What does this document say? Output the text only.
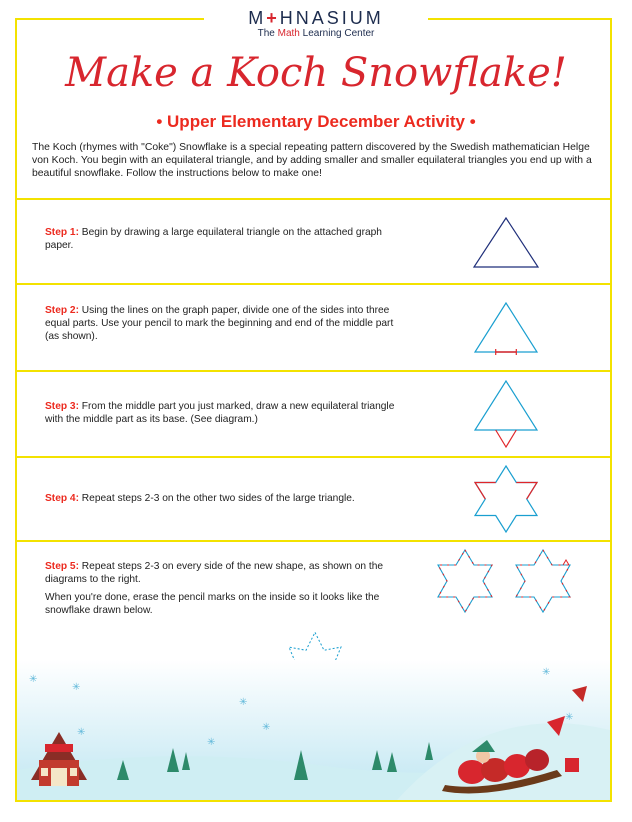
M+HNASIUM
The Math Learning Center
Make a Koch Snowflake!
• Upper Elementary December Activity •
The Koch (rhymes with "Coke") Snowflake is a special repeating pattern discovered by the Swedish mathematician Helge von Koch. You begin with an equilateral triangle, and by adding smaller and smaller equilateral triangles you end up with a beautiful snowflake. Follow the instructions below to make one!
Step 1: Begin by drawing a large equilateral triangle on the attached graph paper.
Step 2: Using the lines on the graph paper, divide one of the sides into three equal parts. Use your pencil to mark the beginning and end of the middle part (as shown).
Step 3: From the middle part you just marked, draw a new equilateral triangle with the middle part as its base. (See diagram.)
Step 4: Repeat steps 2-3 on the other two sides of the large triangle.
Step 5: Repeat steps 2-3 on every side of the new shape, as shown on the diagrams to the right.
When you're done, erase the pencil marks on the inside so it looks like the snowflake drawn below.
✳
✳
✳
✳
✳
✳
✳
✳
